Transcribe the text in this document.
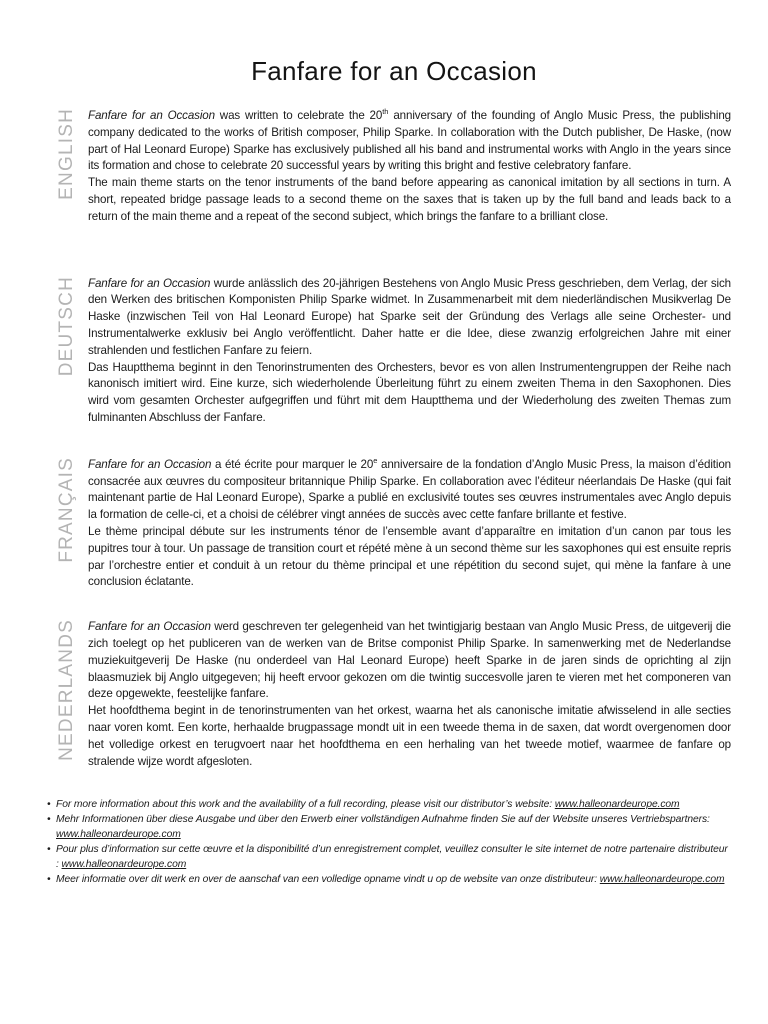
Fanfare for an Occasion
ENGLISH Fanfare for an Occasion was written to celebrate the 20th anniversary of the founding of Anglo Music Press, the publishing company dedicated to the works of British composer, Philip Sparke. In collaboration with the Dutch publisher, De Haske, (now part of Hal Leonard Europe) Sparke has exclusively published all his band and instrumental works with Anglo in the years since its formation and chose to celebrate 20 successful years by writing this bright and festive celebratory fanfare.

The main theme starts on the tenor instruments of the band before appearing as canonical imitation by all sections in turn. A short, repeated bridge passage leads to a second theme on the saxes that is taken up by the full band and leads back to a return of the main theme and a repeat of the second subject, which brings the fanfare to a brilliant close.

DEUTSCH Fanfare for an Occasion wurde anlässlich des 20-jährigen Bestehens von Anglo Music Press geschrieben, dem Verlag, der sich den Werken des britischen Komponisten Philip Sparke widmet. In Zusammenarbeit mit dem niederländischen Musikverlag De Haske (inzwischen Teil von Hal Leonard Europe) hat Sparke seit der Gründung des Verlags alle seine Orchester- und Instrumentalwerke exklusiv bei Anglo veröffentlicht. Daher hatte er die Idee, diese zwanzig erfolgreichen Jahre mit einer strahlenden und festlichen Fanfare zu feiern.

Das Hauptthema beginnt in den Tenorinstrumenten des Orchesters, bevor es von allen Instrumentengruppen der Reihe nach kanonisch imitiert wird. Eine kurze, sich wiederholende Überleitung führt zu einem zweiten Thema in den Saxophonen. Dies wird vom gesamten Orchester aufgegriffen und führt mit dem Hauptthema und der Wiederholung des zweiten Themas zum fulminanten Abschluss der Fanfare.

FRANÇAIS Fanfare for an Occasion a été écrite pour marquer le 20e anniversaire de la fondation d’Anglo Music Press, la maison d’édition consacrée aux œuvres du compositeur britannique Philip Sparke. En collaboration avec l’éditeur néerlandais De Haske (qui fait maintenant partie de Hal Leonard Europe), Sparke a publié en exclusivité toutes ses œuvres instrumentales avec Anglo depuis la formation de celle-ci, et a choisi de célébrer vingt années de succès avec cette fanfare brillante et festive.

Le thème principal débute sur les instruments ténor de l’ensemble avant d’apparaître en imitation d’un canon par tous les pupitres tour à tour. Un passage de transition court et répété mène à un second thème sur les saxophones qui est ensuite repris par l’orchestre entier et conduit à un retour du thème principal et une répétition du second sujet, qui mène la fanfare à une conclusion éclatante.

NEDERLANDS Fanfare for an Occasion werd geschreven ter gelegenheid van het twintigjarig bestaan van Anglo Music Press, de uitgeverij die zich toelegt op het publiceren van de werken van de Britse componist Philip Sparke. In samenwerking met de Nederlandse muziekuitgeverij De Haske (nu onderdeel van Hal Leonard Europe) heeft Sparke in de jaren sinds de oprichting al zijn blaasmuziek bij Anglo uitgegeven; hij heeft ervoor gekozen om die twintig succesvolle jaren te vieren met het componeren van deze opgewekte, feestelijke fanfare.

Het hoofdthema begint in de tenorinstrumenten van het orkest, waarna het als canonische imitatie afwisselend in alle secties naar voren komt. Een korte, herhaalde brugpassage mondt uit in een tweede thema in de saxen, dat wordt overgenomen door het volledige orkest en terugvoert naar het hoofdthema en een herhaling van het tweede motief, waarmee de fanfare op stralende wijze wordt afgesloten.

• For more information about this work and the availability of a full recording, please visit our distributor’s website: www.halleonardeurope.com
• Mehr Informationen über diese Ausgabe und über den Erwerb einer vollständigen Aufnahme finden Sie auf der Website unseres Vertriebspartners: www.halleonardeurope.com
• Pour plus d’information sur cette œuvre et la disponibilité d’un enregistrement complet, veuillez consulter le site internet de notre partenaire distributeur : www.halleonardeurope.com
• Meer informatie over dit werk en over de aanschaf van een volledige opname vindt u op de website van onze distributeur: www.halleonardeurope.com
